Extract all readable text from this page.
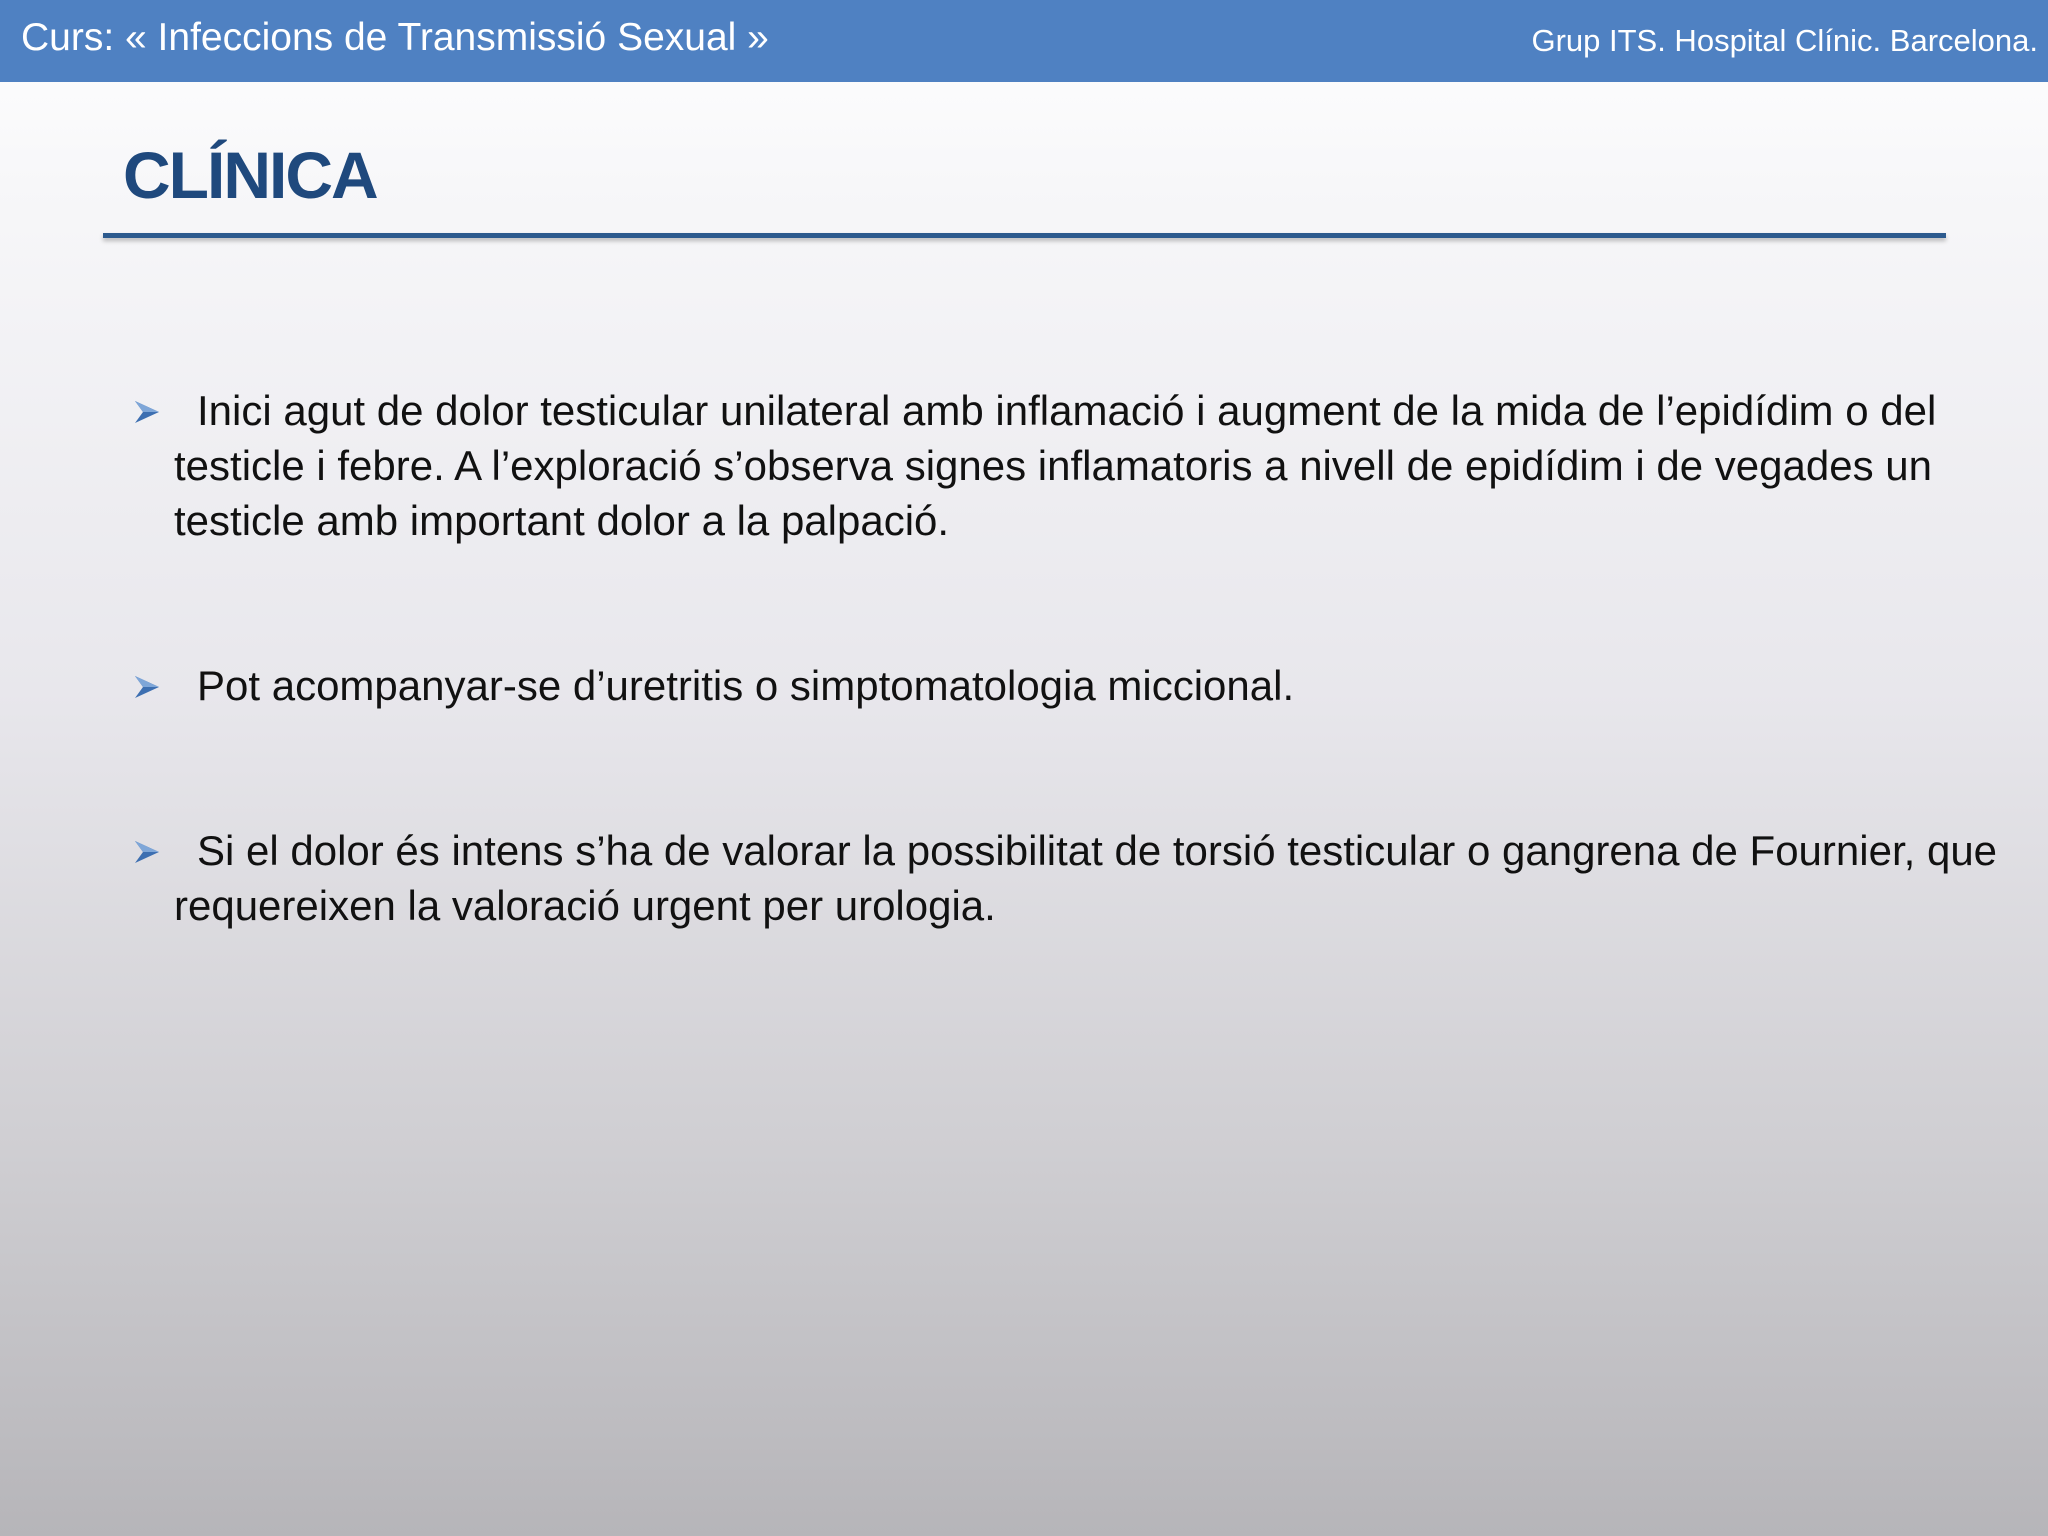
Curs: « Infeccions de Transmissió Sexual »	Grup ITS. Hospital Clínic. Barcelona.
CLÍNICA
Inici agut de dolor testicular unilateral amb inflamació i augment de la mida de l’epidídim o del testicle i febre. A l’exploració s’observa signes inflamatoris a nivell de epidídim i de vegades un testicle amb important dolor a la palpació.
Pot acompanyar-se d’uretritis o simptomatologia miccional.
Si el dolor és intens s’ha de valorar la possibilitat de torsió testicular o gangrena de Fournier, que requereixen la valoració urgent per urologia.
